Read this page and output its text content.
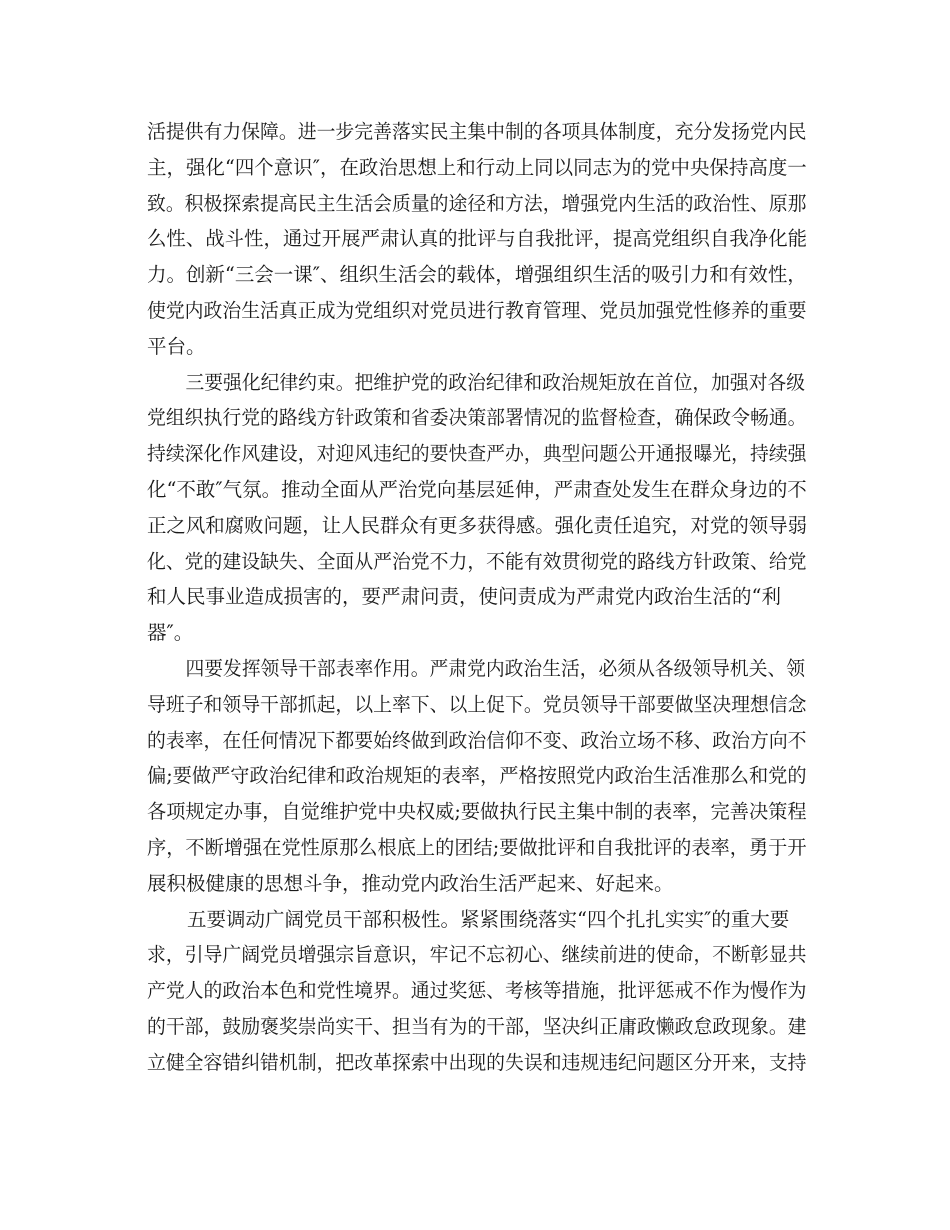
活提供有力保障。进一步完善落实民主集中制的各项具体制度，充分发扬党内民主，强化“四个意识″，在政治思想上和行动上同以同志为的党中央保持高度一致。积极探索提高民主生活会质量的途径和方法，增强党内生活的政治性、原那么性、战斗性，通过开展严肃认真的批评与自我批评，提高党组织自我净化能力。创新“三会一课″、组织生活会的载体，增强组织生活的吸引力和有效性，使党内政治生活真正成为党组织对党员进行教育管理、党员加强党性修养的重要
平台。
三要强化纪律约束。把维护党的政治纪律和政治规矩放在首位，加强对各级党组织执行党的路线方针政策和省委决策部署情况的监督检查，确保政令畅通。持续深化作风建设，对迎风违纪的要快查严办，典型问题公开通报曝光，持续强化“不敢″气氛。推动全面从严治党向基层延伸，严肃查处发生在群众身边的不正之风和腐败问题，让人民群众有更多获得感。强化责任追究，对党的领导弱化、党的建设缺失、全面从严治党不力，不能有效贯彻党的路线方针政策、给党
和人民事业造成损害的，要严肃问责，使问责成为严肃党内政治生活的“利
器″。
四要发挥领导干部表率作用。严肃党内政治生活，必须从各级领导机关、领导班子和领导干部抓起，以上率下、以上促下。党员领导干部要做坚决理想信念的表率，在任何情况下都要始终做到政治信仰不变、政治立场不移、政治方向不偏;要做严守政治纪律和政治规矩的表率，严格按照党内政治生活准那么和党的各项规定办事，自觉维护党中央权威;要做执行民主集中制的表率，完善决策程序，不断增强在党性原那么根底上的团结;要做批评和自我批评的表率，勇于开
展积极健康的思想斗争，推动党内政治生活严起来、好起来。
五要调动广阔党员干部积极性。紧紧围绕落实“四个扎扎实实″的重大要
求，引导广阔党员增强宗旨意识，牢记不忘初心、继续前进的使命，不断彰显共产党人的政治本色和党性境界。通过奖惩、考核等措施，批评惩戒不作为慢作为的干部，鼓励褒奖崇尚实干、担当有为的干部，坚决纠正庸政懒政怠政现象。建立健全容错纠错机制，把改革探索中出现的失误和违规违纪问题区分开来，支持
